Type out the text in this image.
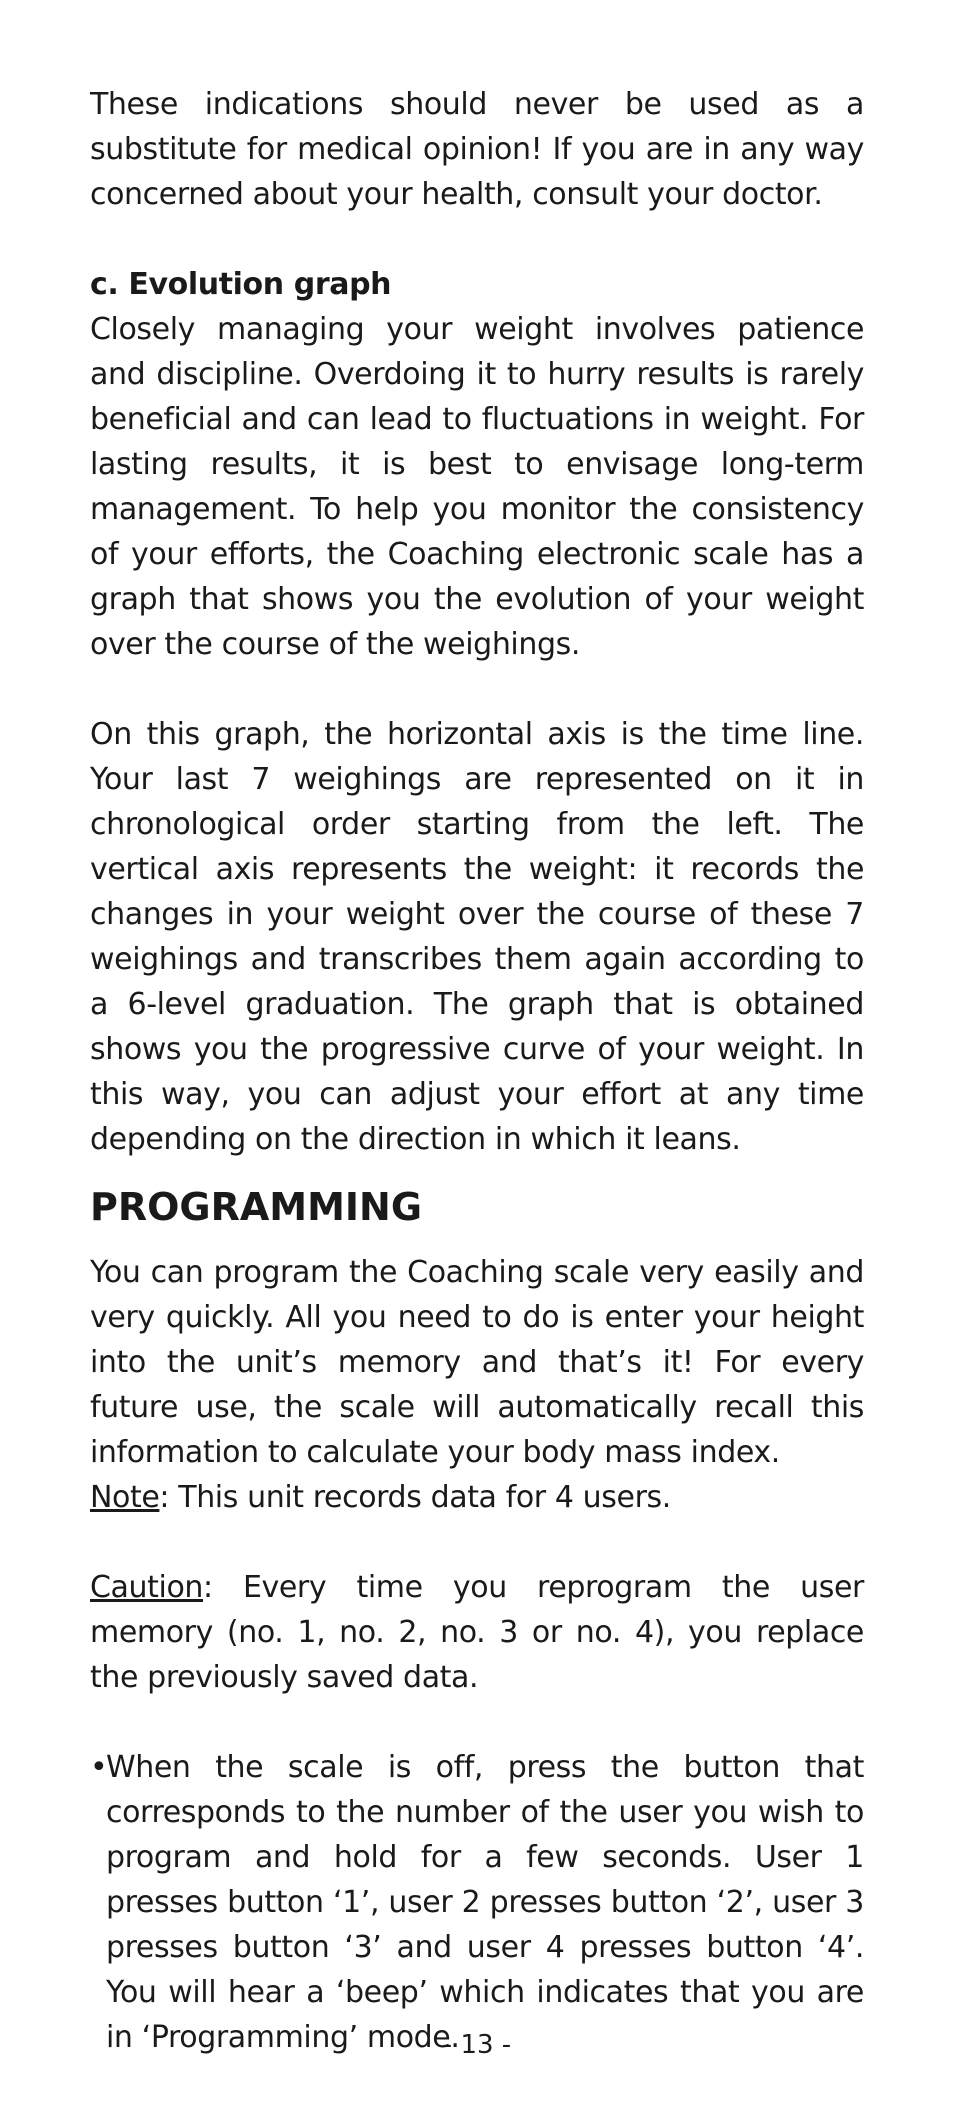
These indications should never be used as a substitute for medical opinion! If you are in any way concerned about your health, consult your doctor.

c. Evolution graph

Closely managing your weight involves patience and discipline. Overdoing it to hurry results is rarely beneficial and can lead to fluctuations in weight. For lasting results, it is best to envisage long-term management. To help you monitor the consistency of your efforts, the Coaching electronic scale has a graph that shows you the evolution of your weight over the course of the weighings.

On this graph, the horizontal axis is the time line. Your last 7 weighings are represented on it in chronological order starting from the left. The vertical axis represents the weight: it records the changes in your weight over the course of these 7 weighings and transcribes them again according to a 6-level graduation. The graph that is obtained shows you the progressive curve of your weight. In this way, you can adjust your effort at any time depending on the direction in which it leans.

PROGRAMMING

You can program the Coaching scale very easily and very quickly. All you need to do is enter your height into the unit’s memory and that’s it! For every future use, the scale will automatically recall this information to calculate your body mass index.

Note: This unit records data for 4 users.

Caution: Every time you reprogram the user memory (no. 1, no. 2, no. 3 or no. 4), you replace the previously saved data.

•
When the scale is off, press the button that corresponds to the number of the user you wish to program and hold for a few seconds. User 1 presses button ‘1’, user 2 presses button ‘2’, user 3 presses button ‘3’ and user 4 presses button ‘4’. You will hear a ‘beep’ which indicates that you are in ‘Programming’ mode.
- 13 -
